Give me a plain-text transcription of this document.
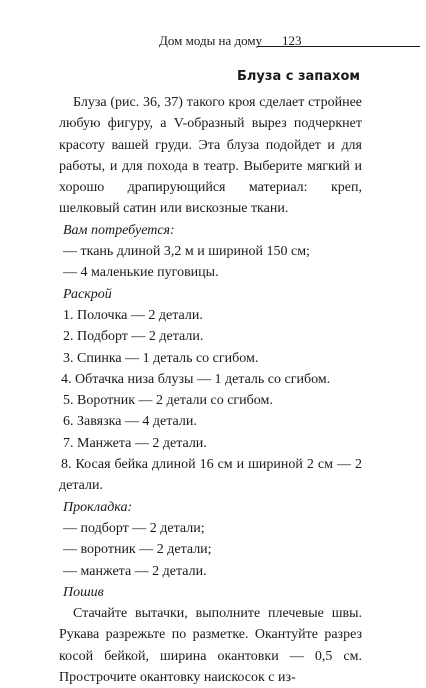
Дом моды на дому 123
Блуза с запахом

Блуза (рис. 36, 37) такого кроя сделает стройнее любую фигуру, а V-образный вырез подчеркнет красоту вашей груди. Эта блуза подойдет и для работы, и для похода в театр. Выберите мягкий и хорошо драпирующийся материал: креп, шелковый сатин или вискозные ткани.

Вам потребуется:

— ткань длиной 3,2 м и шириной 150 см;

— 4 маленькие пуговицы.

Раскрой

1. Полочка — 2 детали.

2. Подборт — 2 детали.

3. Спинка — 1 деталь со сгибом.

4. Обтачка низа блузы — 1 деталь со сгибом.

5. Воротник — 2 детали со сгибом.

6. Завязка — 4 детали.

7. Манжета — 2 детали.

8. Косая бейка длиной 16 см и шириной 2 см — 2 детали.

Прокладка:

— подборт — 2 детали;

— воротник — 2 детали;

— манжета — 2 детали.

Пошив

Стачайте вытачки, выполните плечевые швы. Рукава разрежьте по разметке. Окантуйте разрез косой бейкой, ширина окантовки — 0,5 см. Прострочите окантовку наискосок с из-
